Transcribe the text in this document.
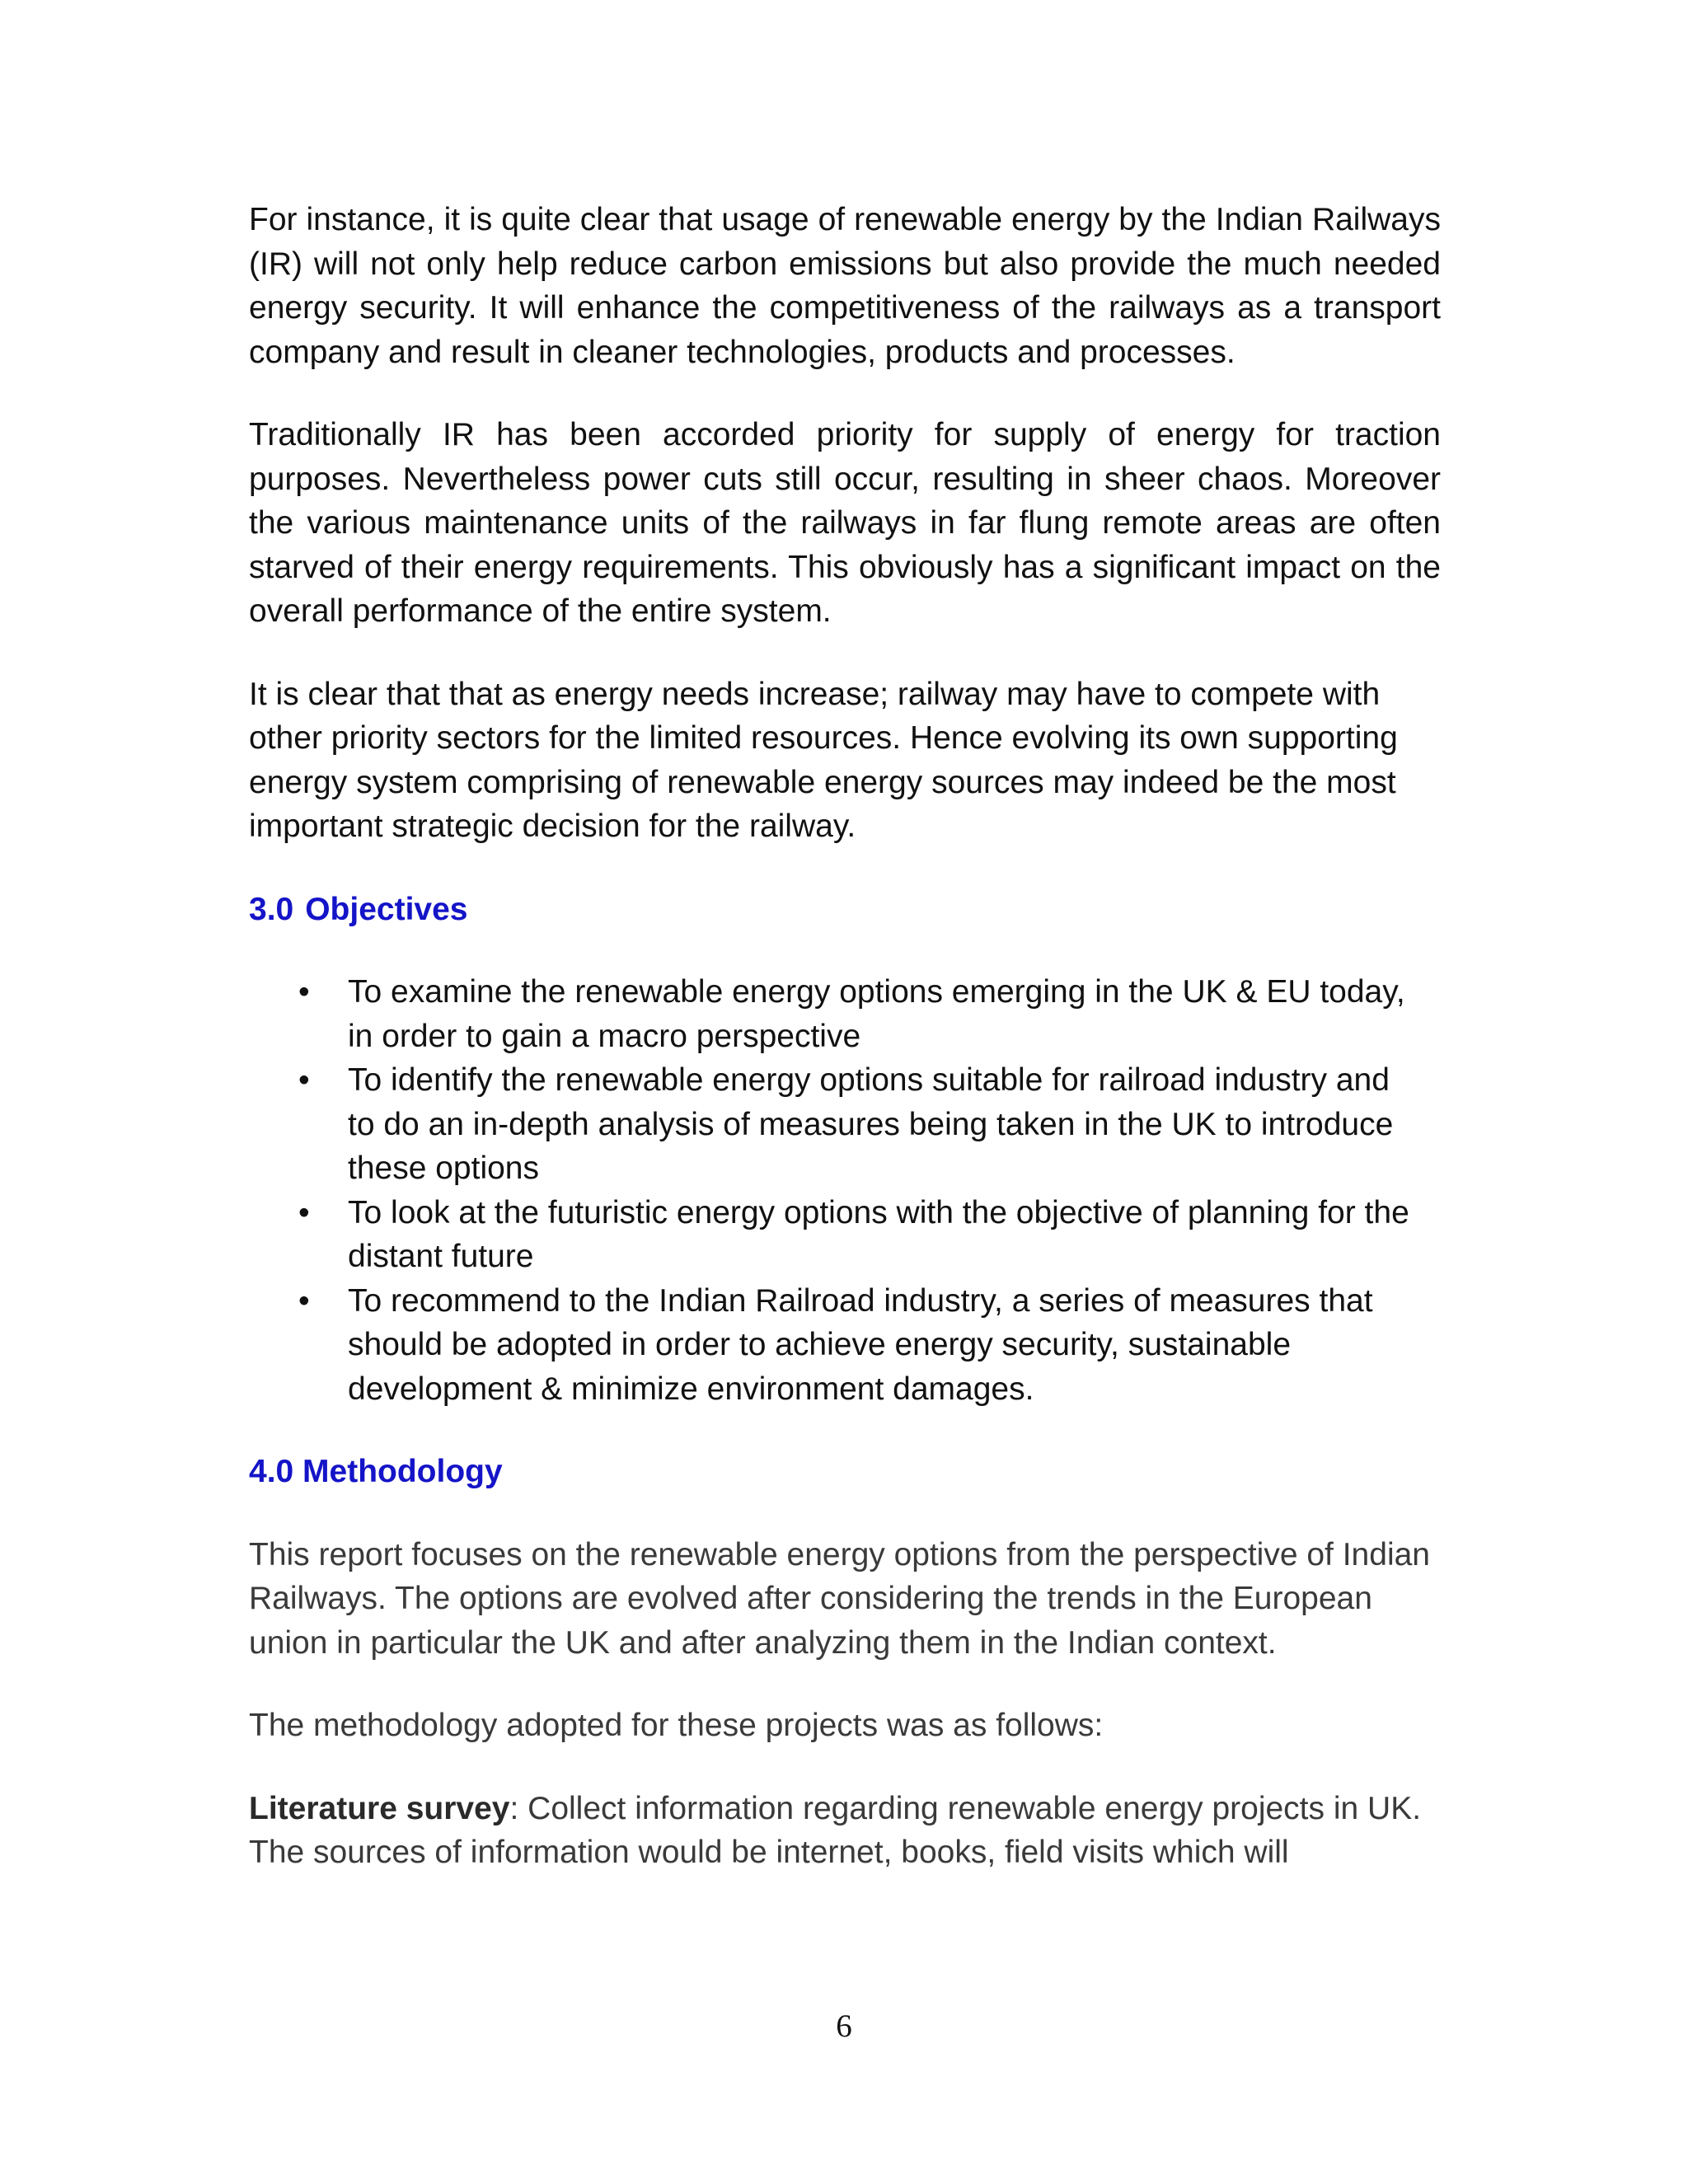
For instance, it is quite clear that usage of renewable energy by the Indian Railways (IR) will not only help reduce carbon emissions but also provide the much needed energy security. It will enhance the competitiveness of the railways as a transport company and result in cleaner technologies, products and processes.

Traditionally IR has been accorded priority for supply of energy for traction purposes. Nevertheless power cuts still occur, resulting in sheer chaos. Moreover the various maintenance units of the railways in far flung remote areas are often starved of their energy requirements. This obviously has a significant impact on the overall performance of the entire system.

It is clear that that as energy needs increase; railway may have to compete with other priority sectors for the limited resources. Hence evolving its own supporting energy system comprising of renewable energy sources may indeed be the most important strategic decision for the railway.

3.0 Objectives
• To examine the renewable energy options emerging in the UK & EU today, in order to gain a macro perspective
• To identify the renewable energy options suitable for railroad industry and to do an in-depth analysis of measures being taken in the UK to introduce these options
• To look at the futuristic energy options with the objective of planning for the distant future
• To recommend to the Indian Railroad industry, a series of measures that should be adopted in order to achieve energy security, sustainable development & minimize environment damages.
4.0 Methodology

This report focuses on the renewable energy options from the perspective of Indian Railways. The options are evolved after considering the trends in the European union in particular the UK and after analyzing them in the Indian context.

The methodology adopted for these projects was as follows:

Literature survey: Collect information regarding renewable energy projects in UK. The sources of information would be internet, books, field visits which will

6
